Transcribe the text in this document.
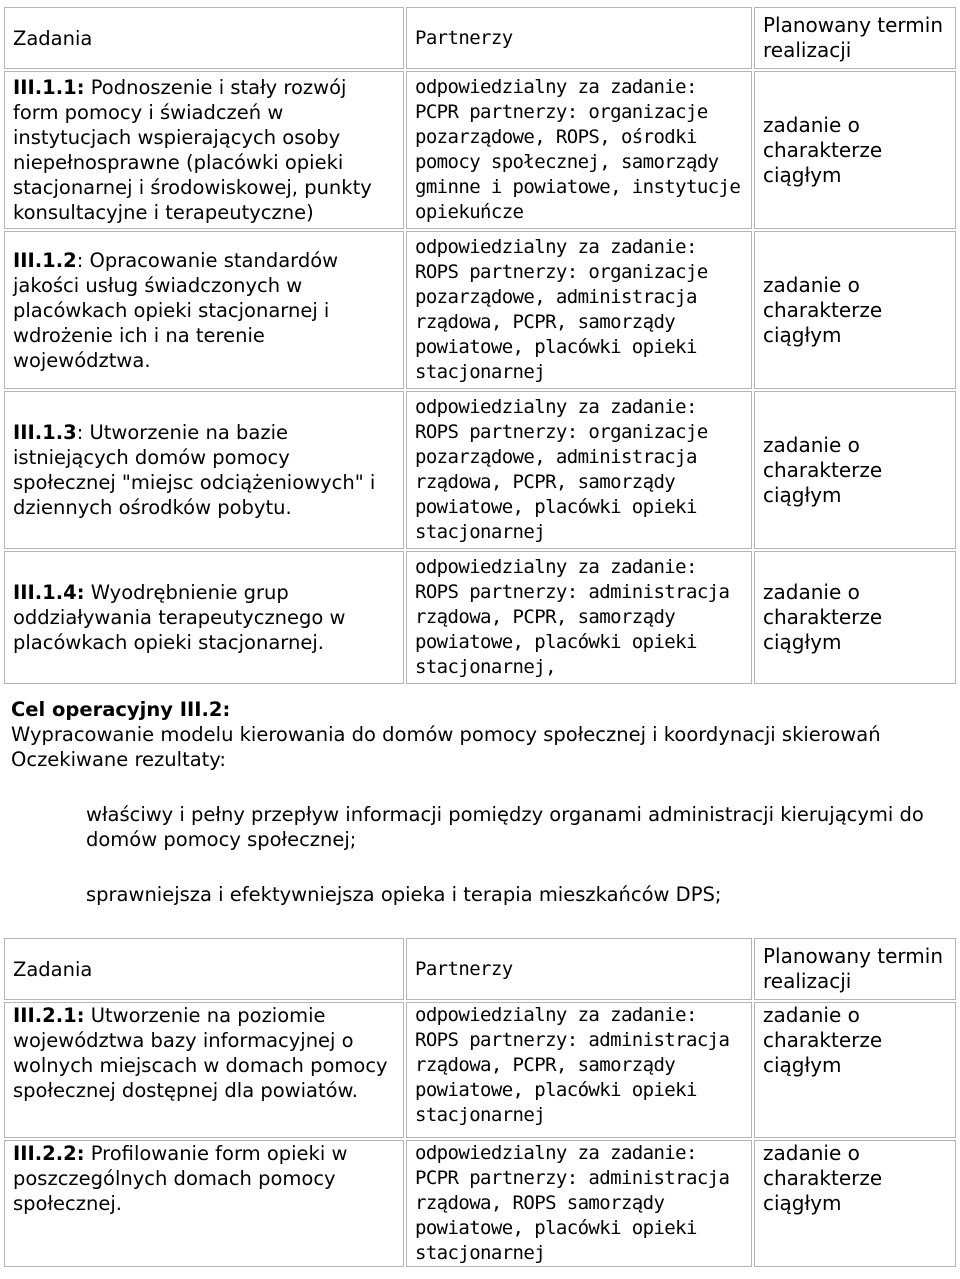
Zadania	Partnerzy	Planowany termin realizacji
III.1.1: Podnoszenie i stały rozwój form pomocy i świadczeń w instytucjach wspierających osoby niepełnosprawne (placówki opieki stacjonarnej i środowiskowej, punkty konsultacyjne i terapeutyczne)	odpowiedzialny za zadanie: PCPR partnerzy: organizacje pozarządowe, ROPS, ośrodki pomocy społecznej, samorządy gminne i powiatowe, instytucje opiekuńcze	zadanie o charakterze ciągłym
III.1.2: Opracowanie standardów jakości usług świadczonych w placówkach opieki stacjonarnej i wdrożenie ich i na terenie województwa.	odpowiedzialny za zadanie: ROPS partnerzy: organizacje pozarządowe, administracja rządowa, PCPR, samorządy powiatowe, placówki opieki stacjonarnej	zadanie o charakterze ciągłym
III.1.3: Utworzenie na bazie istniejących domów pomocy społecznej "miejsc odciążeniowych" i dziennych ośrodków pobytu.	odpowiedzialny za zadanie: ROPS partnerzy: organizacje pozarządowe, administracja rządowa, PCPR, samorządy powiatowe, placówki opieki stacjonarnej	zadanie o charakterze ciągłym
III.1.4: Wyodrębnienie grup oddziaływania terapeutycznego w placówkach opieki stacjonarnej.	odpowiedzialny za zadanie: ROPS partnerzy: administracja rządowa, PCPR, samorządy powiatowe, placówki opieki stacjonarnej,	zadanie o charakterze ciągłym
Cel operacyjny III.2:
Wypracowanie modelu kierowania do domów pomocy społecznej i koordynacji skierowań
Oczekiwane rezultaty:

właściwy i pełny przepływ informacji pomiędzy organami administracji kierującymi do domów pomocy społecznej;

sprawniejsza i efektywniejsza opieka i terapia mieszkańców DPS;

Zadania	Partnerzy	Planowany termin realizacji
III.2.1: Utworzenie na poziomie województwa bazy informacyjnej o wolnych miejscach w domach pomocy społecznej dostępnej dla powiatów.	odpowiedzialny za zadanie: ROPS partnerzy: administracja rządowa, PCPR, samorządy powiatowe, placówki opieki stacjonarnej	zadanie o charakterze ciągłym
III.2.2: Profilowanie form opieki w poszczególnych domach pomocy społecznej.	odpowiedzialny za zadanie: PCPR partnerzy: administracja rządowa, ROPS samorządy powiatowe, placówki opieki stacjonarnej	zadanie o charakterze ciągłym
